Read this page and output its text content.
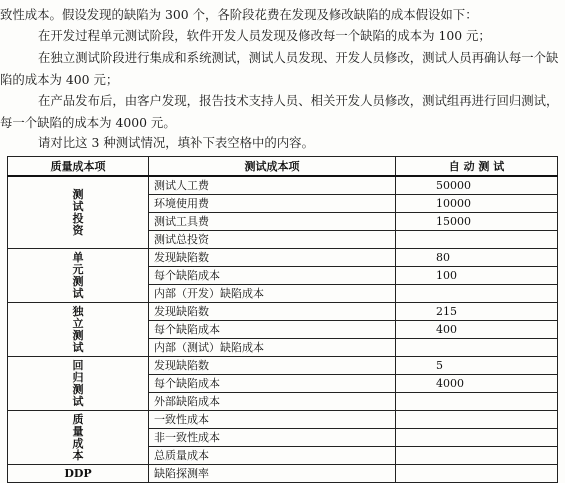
致性成本。假设发现的缺陷为 300 个，各阶段花费在发现及修改缺陷的成本假设如下：

在开发过程单元测试阶段，软件开发人员发现及修改每一个缺陷的成本为 100 元；

在独立测试阶段进行集成和系统测试，测试人员发现、开发人员修改，测试人员再确认每一个缺陷的成本为 400 元；

在产品发布后，由客户发现，报告技术支持人员、相关开发人员修改，测试组再进行回归测试，每一个缺陷的成本为 4000 元。

请对比这 3 种测试情况，填补下表空格中的内容。

质量成本项	测试成本项	自 动 测 试

测试投资	测试人工费	50000
	环境使用费	10000
	测试工具费	15000
	测试总投资	

单元测试	发现缺陷数	80
	每个缺陷成本	100
	内部（开发）缺陷成本	

独立测试	发现缺陷数	215
	每个缺陷成本	400
	内部（测试）缺陷成本	

回归测试	发现缺陷数	5
	每个缺陷成本	4000
	外部缺陷成本	

质量成本	一致性成本	
	非一致性成本	
	总质量成本	

DDP	缺陷探测率	
